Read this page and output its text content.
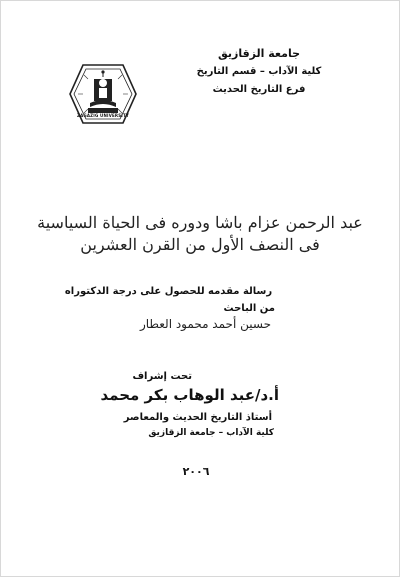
جامعة الزقازيق
كلية الآداب – قسم التاريخ
فرع التاريخ الحديث
ZAGAZIG UNIVERSITY
عبد الرحمن عزام باشا ودوره فى الحياة السياسية
فى النصف الأول من القرن العشرين
رسالة مقدمه للحصول على درجة الدكتوراه
من الباحث
حسين أحمد محمود العطار
تحت إشراف
أ.د/عبد الوهاب بكر محمد
أستاذ التاريخ الحديث والمعاصر
كلية الآداب – جامعة الزقازيق
٢٠٠٦
